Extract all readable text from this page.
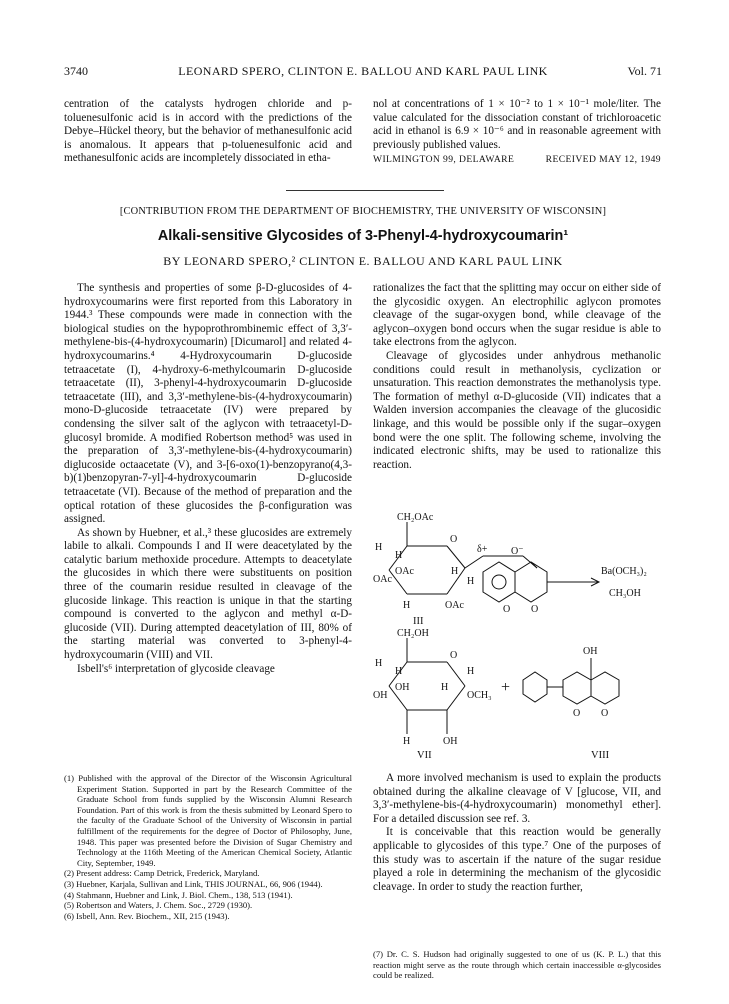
3740	LEONARD SPERO, CLINTON E. BALLOU AND KARL PAUL LINK	Vol. 71

centration of the catalysts hydrogen chloride and p-toluenesulfonic acid is in accord with the predictions of the Debye–Hückel theory, but the behavior of methanesulfonic acid is anomalous. It appears that p-toluenesulfonic acid and methanesulfonic acids are incompletely dissociated in etha-

nol at concentrations of 1 × 10⁻² to 1 × 10⁻¹ mole/liter. The value calculated for the dissociation constant of trichloroacetic acid in ethanol is 6.9 × 10⁻⁶ and in reasonable agreement with previously published values.

WILMINGTON 99, DELAWARE	RECEIVED MAY 12, 1949
[CONTRIBUTION FROM THE DEPARTMENT OF BIOCHEMISTRY, THE UNIVERSITY OF WISCONSIN]
Alkali-sensitive Glycosides of 3-Phenyl-4-hydroxycoumarin¹
BY LEONARD SPERO,² CLINTON E. BALLOU AND KARL PAUL LINK

The synthesis and properties of some β-D-glucosides of 4-hydroxycoumarins were first reported from this Laboratory in 1944.³ These compounds were made in connection with the biological studies on the hypoprothrombinemic effect of 3,3′-methylene-bis-(4-hydroxycoumarin) [Dicumarol] and related 4-hydroxycoumarins.⁴ 4-Hydroxycoumarin D-glucoside tetraacetate (I), 4-hydroxy-6-methylcoumarin D-glucoside tetraacetate (II), 3-phenyl-4-hydroxycoumarin D-glucoside tetraacetate (III), and 3,3′-methylene-bis-(4-hydroxycoumarin) mono-D-glucoside tetraacetate (IV) were prepared by condensing the silver salt of the aglycon with tetraacetyl-D-glucosyl bromide. A modified Robertson method⁵ was used in the preparation of 3,3′-methylene-bis-(4-hydroxycoumarin) diglucoside octaacetate (V), and 3-[6-oxo(1)-benzopyrano(4,3-b)(1)benzopyran-7-yl]-4-hydroxycoumarin D-glucoside tetraacetate (VI). Because of the method of preparation and the optical rotation of these glucosides the β-configuration was assigned.

As shown by Huebner, et al.,³ these glucosides are extremely labile to alkali. Compounds I and II were deacetylated by the catalytic barium methoxide procedure. Attempts to deacetylate the glucosides in which there were substituents on position three of the coumarin residue resulted in cleavage of the glucoside linkage. This reaction is unique in that the starting compound is converted to the aglycon and methyl α-D-glucoside (VII). During attempted deacetylation of III, 80% of the starting material was converted to 3-phenyl-4-hydroxycoumarin (VIII) and VII.

Isbell's⁶ interpretation of glycoside cleavage

(1) Published with the approval of the Director of the Wisconsin Agricultural Experiment Station. Supported in part by the Research Committee of the Graduate School from funds supplied by the Wisconsin Alumni Research Foundation. Part of this work is from the thesis submitted by Leonard Spero to the faculty of the Graduate School of the University of Wisconsin in partial fulfillment of the requirements for the degree of Doctor of Philosophy, June, 1948. This paper was presented before the Division of Sugar Chemistry and Technology at the 116th Meeting of the American Chemical Society, Atlantic City, September, 1949.
(2) Present address: Camp Detrick, Frederick, Maryland.
(3) Huebner, Karjala, Sullivan and Link, THIS JOURNAL, 66, 906 (1944).
(4) Stahmann, Huebner and Link, J. Biol. Chem., 138, 513 (1941).
(5) Robertson and Waters, J. Chem. Soc., 2729 (1930).
(6) Isbell, Ann. Rev. Biochem., XII, 215 (1943).

rationalizes the fact that the splitting may occur on either side of the glycosidic oxygen. An electrophilic aglycon promotes cleavage of the sugar-oxygen bond, while cleavage of the aglycon–oxygen bond occurs when the sugar residue is able to take electrons from the aglycon.

Cleavage of glycosides under anhydrous methanolic conditions could result in methanolysis, cyclization or unsaturation. This reaction demonstrates the methanolysis type. The formation of methyl α-D-glucoside (VII) indicates that a Walden inversion accompanies the cleavage of the glucosidic linkage, and this would be possible only if the sugar–oxygen bond were the one split. The following scheme, involving the indicated electronic shifts, may be used to rationalize this reaction.

CH₂OAc
O
H
H
OAc
OAc
H
H
H	OAc
δ+ O⁻
O
O
Ba(OCH₃)₂
CH₃OH
III
CH₂OH
O
H
H
OH
OH
H
H
OCH₃
H	OH
+
OH
O
O
VII	VIII

A more involved mechanism is used to explain the products obtained during the alkaline cleavage of V [glucose, VII, and 3,3′-methylene-bis-(4-hydroxycoumarin) monomethyl ether]. For a detailed discussion see ref. 3.

It is conceivable that this reaction would be generally applicable to glycosides of this type.⁷ One of the purposes of this study was to ascertain if the nature of the sugar residue played a role in determining the mechanism of the glycosidic cleavage. In order to study the reaction further,

(7) Dr. C. S. Hudson had originally suggested to one of us (K. P. L.) that this reaction might serve as the route through which certain inaccessible α-glycosides could be realized.
